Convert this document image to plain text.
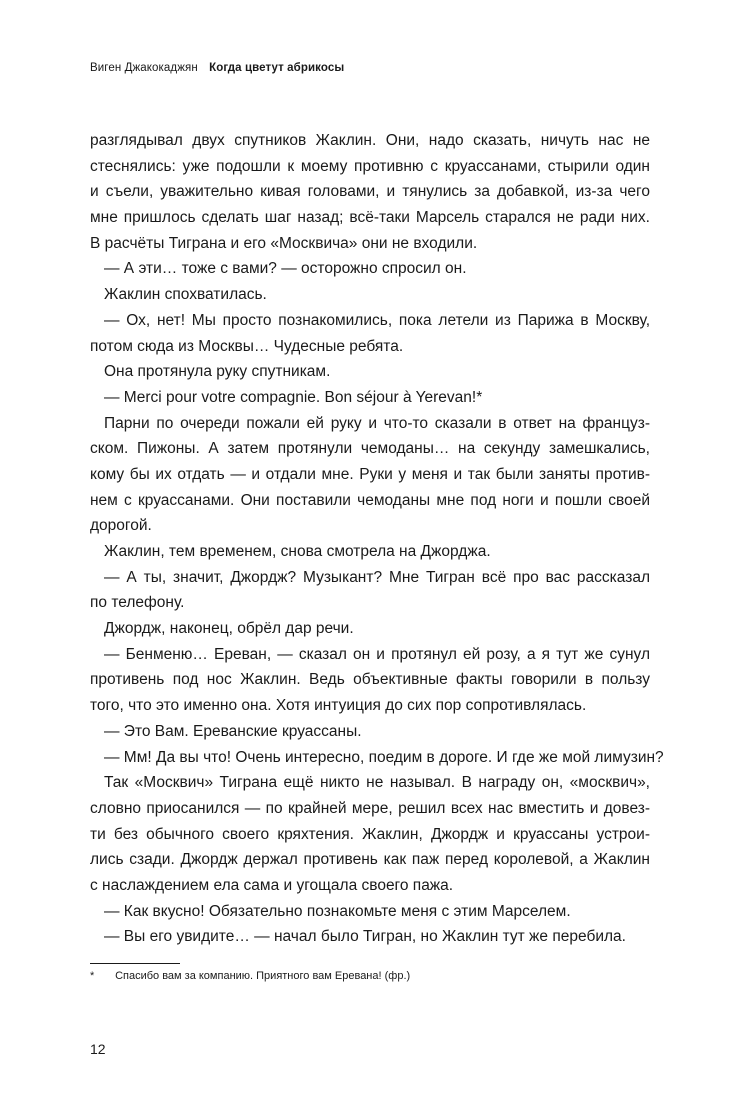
Виген Джакокаджян Когда цветут абрикосы
разглядывал двух спутников Жаклин. Они, надо сказать, ничуть нас не
стеснялись: уже подошли к моему противню с круассанами, стырили один
и съели, уважительно кивая головами, и тянулись за добавкой, из-за чего
мне пришлось сделать шаг назад; всё-таки Марсель старался не ради них.
В расчёты Тиграна и его «Москвича» они не входили.
— А эти… тоже с вами? — осторожно спросил он.
Жаклин спохватилась.
— Ох, нет! Мы просто познакомились, пока летели из Парижа в Москву,
потом сюда из Москвы… Чудесные ребята.
Она протянула руку спутникам.
— Merci pour votre compagnie. Bon séjour à Yerevan!*
Парни по очереди пожали ей руку и что-то сказали в ответ на француз-
ском. Пижоны. А затем протянули чемоданы… на секунду замешкались,
кому бы их отдать — и отдали мне. Руки у меня и так были заняты против-
нем с круассанами. Они поставили чемоданы мне под ноги и пошли своей
дорогой.
Жаклин, тем временем, снова смотрела на Джорджа.
— А ты, значит, Джордж? Музыкант? Мне Тигран всё про вас рассказал
по телефону.
Джордж, наконец, обрёл дар речи.
— Бенменю… Ереван, — сказал он и протянул ей розу, а я тут же сунул
противень под нос Жаклин. Ведь объективные факты говорили в пользу
того, что это именно она. Хотя интуиция до сих пор сопротивлялась.
— Это Вам. Ереванские круассаны.
— Мм! Да вы что! Очень интересно, поедим в дороге. И где же мой лимузин?
Так «Москвич» Тиграна ещё никто не называл. В награду он, «москвич»,
словно приосанился — по крайней мере, решил всех нас вместить и довез-
ти без обычного своего кряхтения. Жаклин, Джордж и круассаны устрои-
лись сзади. Джордж держал противень как паж перед королевой, а Жаклин
с наслаждением ела сама и угощала своего пажа.
— Как вкусно! Обязательно познакомьте меня с этим Марселем.
— Вы его увидите… — начал было Тигран, но Жаклин тут же перебила.
* Спасибо вам за компанию. Приятного вам Еревана! (фр.)
12
